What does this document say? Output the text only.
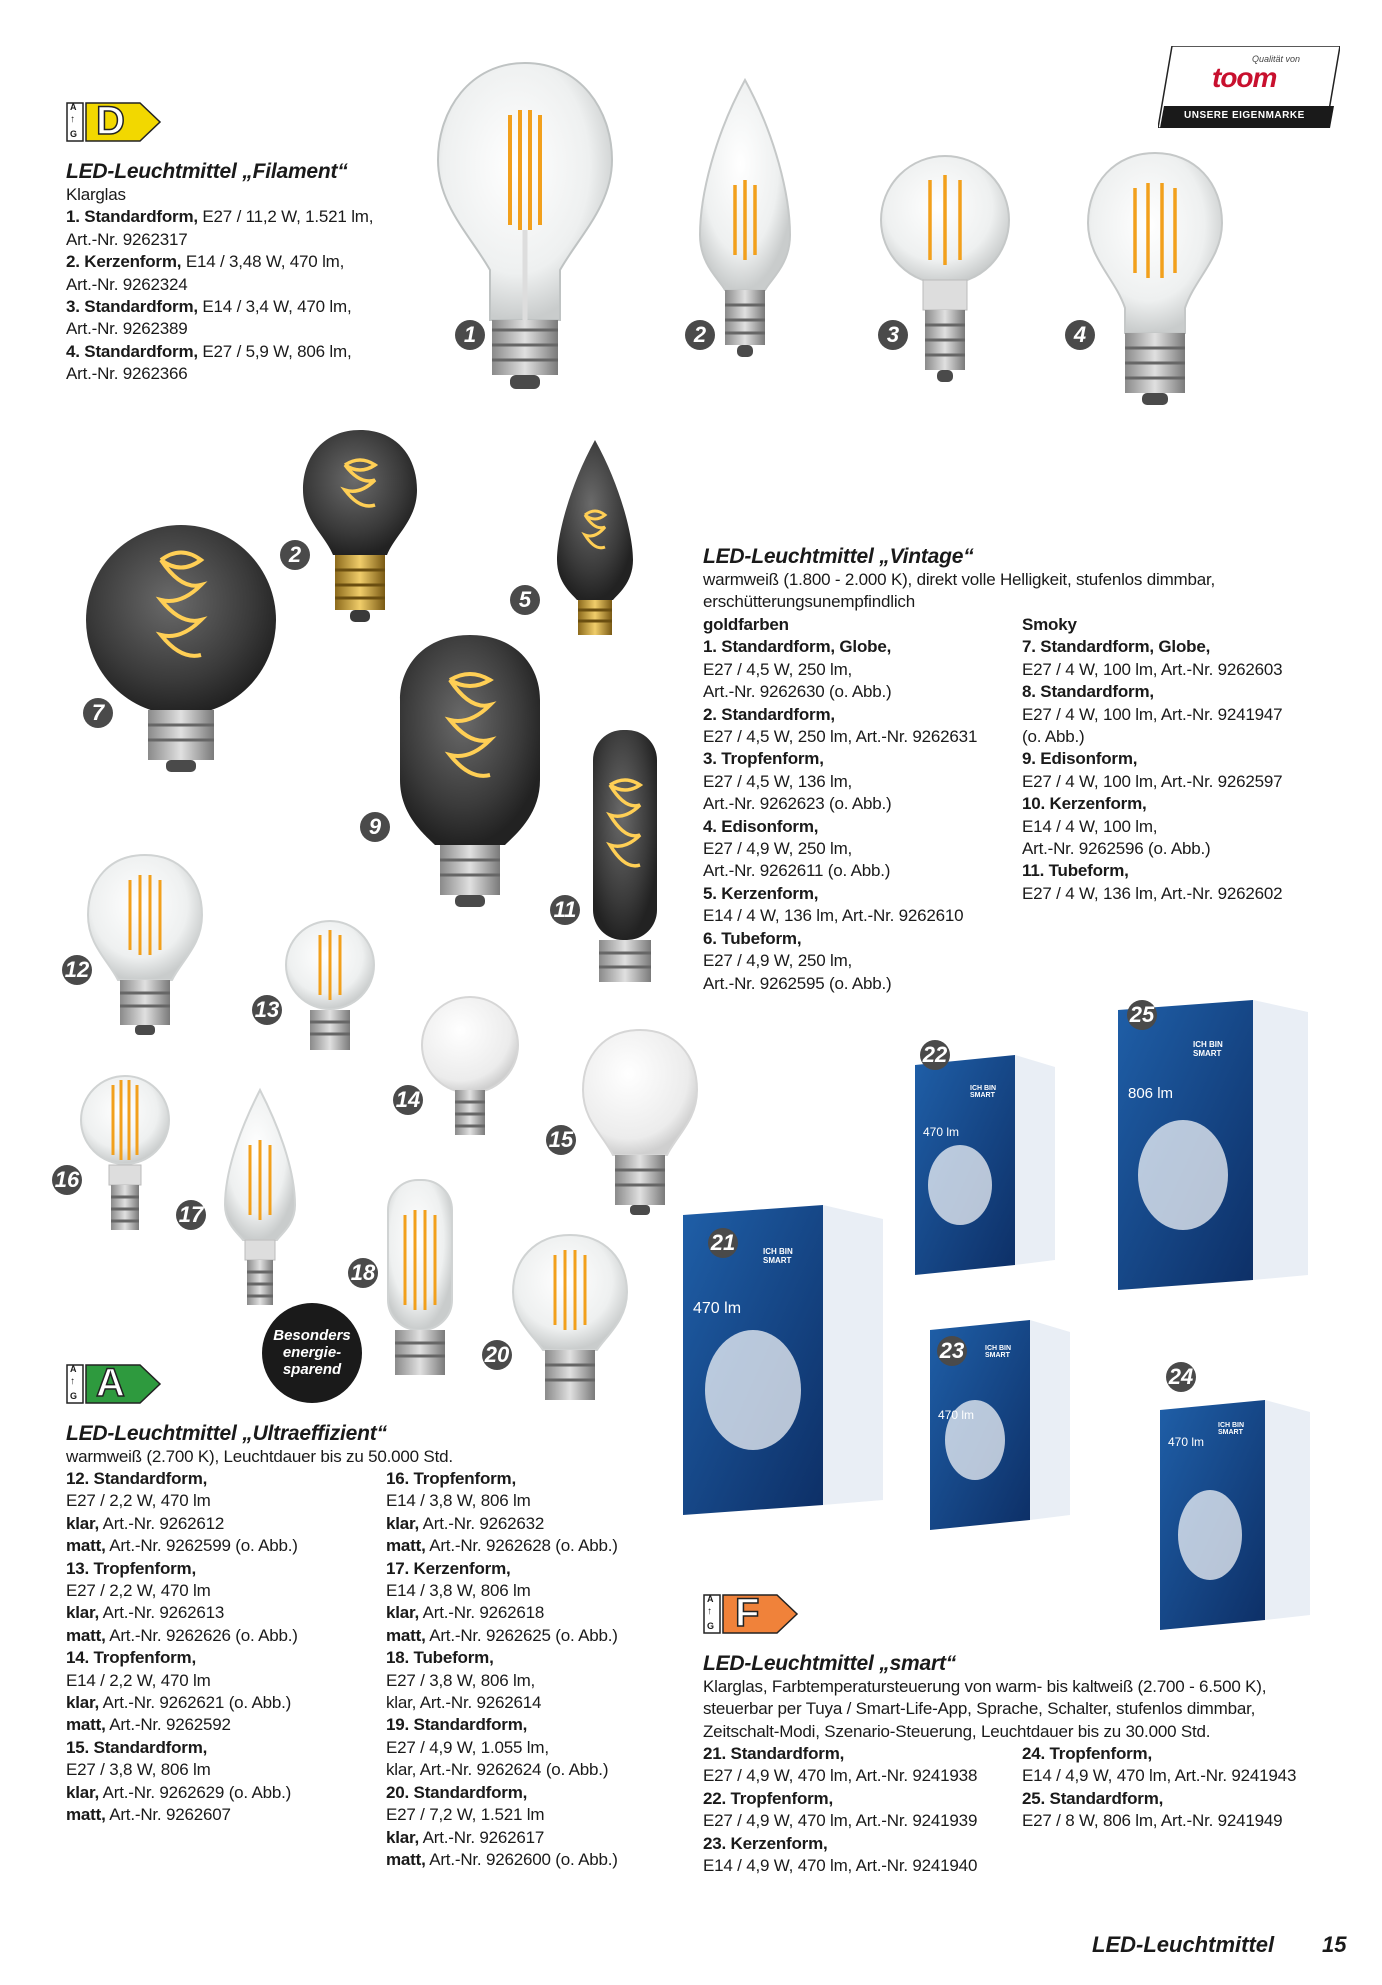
Qualität von
toom
UNSERE EIGENMARKE
A
↑
G D
LED-Leuchtmittel „Filament“
Klarglas
1. Standardform, E27 / 11,2 W, 1.521 lm,
Art.-Nr. 9262317
2. Kerzenform, E14 / 3,48 W, 470 lm,
Art.-Nr. 9262324
3. Standardform, E14 / 3,4 W, 470 lm,
Art.-Nr. 9262389
4. Standardform, E27 / 5,9 W, 806 lm,
Art.-Nr. 9262366
470 lm
ICH BIN SMART	806 lm
ICH BIN SMART
470 lm
ICH BIN SMART
470 lm
ICH BIN SMART
470 lm
ICH BIN SMART
1	2	3	4
2
5
7
9
11
12
13
14
15
16
17
18
20
21
22
23
24
25
LED-Leuchtmittel „Vintage“
warmweiß (1.800 - 2.000 K), direkt volle Helligkeit, stufenlos dimmbar,
erschütterungsunempfindlich
goldfarben
1. Standardform, Globe,
E27 / 4,5 W, 250 lm,
Art.-Nr. 9262630 (o. Abb.)
2. Standardform,
E27 / 4,5 W, 250 lm, Art.-Nr. 9262631
3. Tropfenform,
E27 / 4,5 W, 136 lm,
Art.-Nr. 9262623 (o. Abb.)
4. Edisonform,
E27 / 4,9 W, 250 lm,
Art.-Nr. 9262611 (o. Abb.)
5. Kerzenform,
E14 / 4 W, 136 lm, Art.-Nr. 9262610
6. Tubeform,
E27 / 4,9 W, 250 lm,
Art.-Nr. 9262595 (o. Abb.)
Smoky
7. Standardform, Globe,
E27 / 4 W, 100 lm, Art.-Nr. 9262603
8. Standardform,
E27 / 4 W, 100 lm, Art.-Nr. 9241947
(o. Abb.)
9. Edisonform,
E27 / 4 W, 100 lm, Art.-Nr. 9262597
10. Kerzenform,
E14 / 4 W, 100 lm,
Art.-Nr. 9262596 (o. Abb.)
11. Tubeform,
E27 / 4 W, 136 lm, Art.-Nr. 9262602
Besonders
energie-
sparend
A
↑
G A
LED-Leuchtmittel „Ultraeffizient“
warmweiß (2.700 K), Leuchtdauer bis zu 50.000 Std.
12. Standardform,
E27 / 2,2 W, 470 lm
klar, Art.-Nr. 9262612
matt, Art.-Nr. 9262599 (o. Abb.)
13. Tropfenform,
E27 / 2,2 W, 470 lm
klar, Art.-Nr. 9262613
matt, Art.-Nr. 9262626 (o. Abb.)
14. Tropfenform,
E14 / 2,2 W, 470 lm
klar, Art.-Nr. 9262621 (o. Abb.)
matt, Art.-Nr. 9262592
15. Standardform,
E27 / 3,8 W, 806 lm
klar, Art.-Nr. 9262629 (o. Abb.)
matt, Art.-Nr. 9262607
16. Tropfenform,
E14 / 3,8 W, 806 lm
klar, Art.-Nr. 9262632
matt, Art.-Nr. 9262628 (o. Abb.)
17. Kerzenform,
E14 / 3,8 W, 806 lm
klar, Art.-Nr. 9262618
matt, Art.-Nr. 9262625 (o. Abb.)
18. Tubeform,
E27 / 3,8 W, 806 lm,
klar, Art.-Nr. 9262614
19. Standardform,
E27 / 4,9 W, 1.055 lm,
klar, Art.-Nr. 9262624 (o. Abb.)
20. Standardform,
E27 / 7,2 W, 1.521 lm
klar, Art.-Nr. 9262617
matt, Art.-Nr. 9262600 (o. Abb.)
A
↑
G F
LED-Leuchtmittel „smart“
Klarglas, Farbtemperatursteuerung von warm- bis kaltweiß (2.700 - 6.500 K),
steuerbar per Tuya / Smart-Life-App, Sprache, Schalter, stufenlos dimmbar,
Zeitschalt-Modi, Szenario-Steuerung, Leuchtdauer bis zu 30.000 Std.
21. Standardform,
E27 / 4,9 W, 470 lm, Art.-Nr. 9241938
22. Tropfenform,
E27 / 4,9 W, 470 lm, Art.-Nr. 9241939
23. Kerzenform,
E14 / 4,9 W, 470 lm, Art.-Nr. 9241940
24. Tropfenform,
E14 / 4,9 W, 470 lm, Art.-Nr. 9241943
25. Standardform,
E27 / 8 W, 806 lm, Art.-Nr. 9241949
LED-Leuchtmittel 15
